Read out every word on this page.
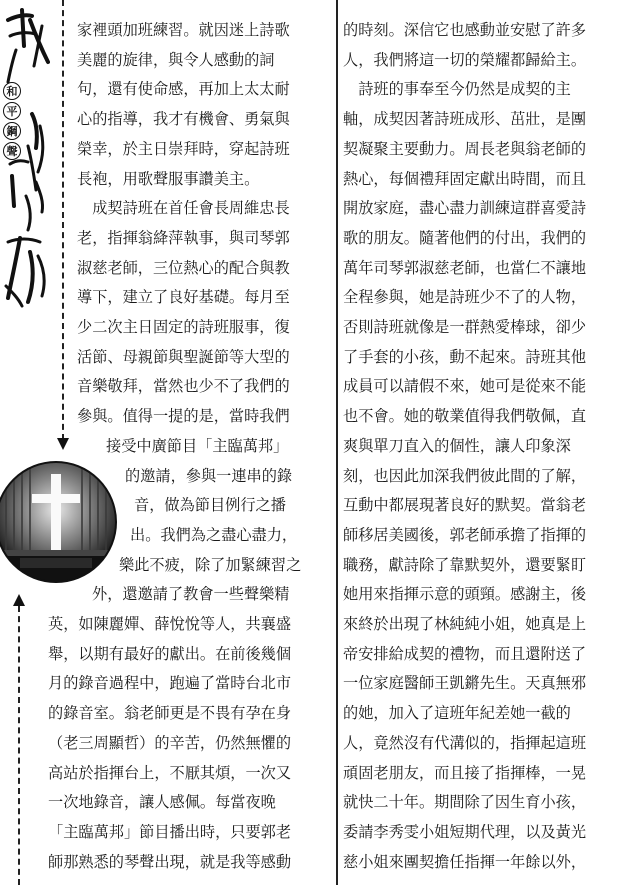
和
平
鋼
聲

家裡頭加班練習。就因迷上詩歌

美麗的旋律，與令人感動的詞

句，還有使命感，再加上太太耐

心的指導，我才有機會、勇氣與

榮幸，於主日崇拜時，穿起詩班

長袍，用歌聲服事讚美主。

　成契詩班在首任會長周維忠長

老，指揮翁絳萍執事，與司琴郭

淑慈老師，三位熱心的配合與教

導下，建立了良好基礎。每月至

少二次主日固定的詩班服事，復

活節、母親節與聖誕節等大型的

音樂敬拜，當然也少不了我們的

參與。值得一提的是，當時我們

接受中廣節目「主臨萬邦」

的邀請，參與一連串的錄

音，做為節目例行之播

出。我們為之盡心盡力，

樂此不疲，除了加緊練習之

外，還邀請了教會一些聲樂精

英，如陳麗嬋、薛悅悅等人，共襄盛

舉，以期有最好的獻出。在前後幾個

月的錄音過程中，跑遍了當時台北市

的錄音室。翁老師更是不畏有孕在身

（老三周顯哲）的辛苦，仍然無懼的

高站於指揮台上，不厭其煩，一次又

一次地錄音，讓人感佩。每當夜晚

「主臨萬邦」節目播出時，只要郭老

師那熟悉的琴聲出現，就是我等感動

的時刻。深信它也感動並安慰了許多

人，我們將這一切的榮耀都歸給主。

　詩班的事奉至今仍然是成契的主

軸，成契因著詩班成形、茁壯，是團

契凝聚主要動力。周長老與翁老師的

熱心，每個禮拜固定獻出時間，而且

開放家庭，盡心盡力訓練這群喜愛詩

歌的朋友。隨著他們的付出，我們的

萬年司琴郭淑慈老師，也當仁不讓地

全程參與，她是詩班少不了的人物，

否則詩班就像是一群熱愛棒球，卻少

了手套的小孩，動不起來。詩班其他

成員可以請假不來，她可是從來不能

也不會。她的敬業值得我們敬佩，直

爽與單刀直入的個性，讓人印象深

刻，也因此加深我們彼此間的了解，

互動中都展現著良好的默契。當翁老

師移居美國後，郭老師承擔了指揮的

職務，獻詩除了靠默契外，還要緊盯

她用來指揮示意的頭頸。感謝主，後

來終於出現了林純純小姐，她真是上

帝安排給成契的禮物，而且還附送了

一位家庭醫師王凱鏘先生。天真無邪

的她，加入了這班年紀差她一截的

人，竟然沒有代溝似的，指揮起這班

頑固老朋友，而且接了指揮棒，一晃

就快二十年。期間除了因生育小孩，

委請李秀雯小姐短期代理，以及黃光

慈小姐來團契擔任指揮一年餘以外，
